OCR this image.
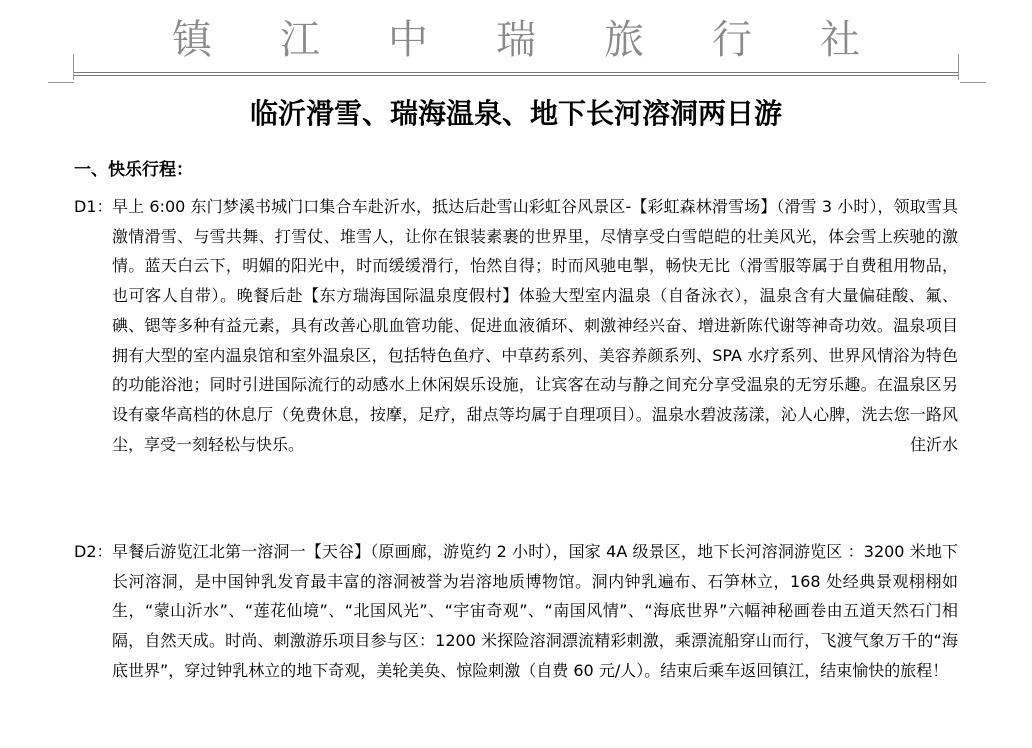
镇江中瑞旅行社
临沂滑雪、瑞海温泉、地下长河溶洞两日游
一、快乐行程：
D1： 早上 6:00 东门梦溪书城门口集合车赴沂水，抵达后赴雪山彩虹谷风景区-【彩虹森林滑雪场】（滑雪 3 小时），领取雪具激情滑雪、与雪共舞、打雪仗、堆雪人，让你在银装素裹的世界里，尽情享受白雪皑皑的壮美风光，体会雪上疾驰的激情。蓝天白云下，明媚的阳光中，时而缓缓滑行，怡然自得；时而风驰电掣，畅快无比（滑雪服等属于自费租用物品，也可客人自带）。晚餐后赴【东方瑞海国际温泉度假村】体验大型室内温泉（自备泳衣），温泉含有大量偏硅酸、氟、碘、锶等多种有益元素，具有改善心肌血管功能、促进血液循环、刺激神经兴奋、增进新陈代谢等神奇功效。温泉项目拥有大型的室内温泉馆和室外温泉区，包括特色鱼疗、中草药系列、美容养颜系列、SPA 水疗系列、世界风情浴为特色的功能浴池；同时引进国际流行的动感水上休闲娱乐设施，让宾客在动与静之间充分享受温泉的无穷乐趣。在温泉区另设有豪华高档的休息厅（免费休息，按摩，足疗，甜点等均属于自理项目）。温泉水碧波荡漾，沁人心脾，洗去您一路风尘，享受一刻轻松与快乐。	住沂水
D2： 早餐后游览江北第一溶洞一【天谷】（原画廊，游览约 2 小时），国家 4A 级景区，地下长河溶洞游览区 ：3200 米地下长河溶洞，是中国钟乳发育最丰富的溶洞被誉为岩溶地质博物馆。洞内钟乳遍布、石笋林立，168 处经典景观栩栩如生，“蒙山沂水”、“莲花仙境”、“北国风光”、“宇宙奇观”、“南国风情”、“海底世界”六幅神秘画卷由五道天然石门相隔，自然天成。时尚、刺激游乐项目参与区：1200 米探险溶洞漂流精彩刺激，乘漂流船穿山而行，飞渡气象万千的“海底世界”，穿过钟乳林立的地下奇观，美轮美奂、惊险刺激（自费 60 元/人）。结束后乘车返回镇江，结束愉快的旅程！
